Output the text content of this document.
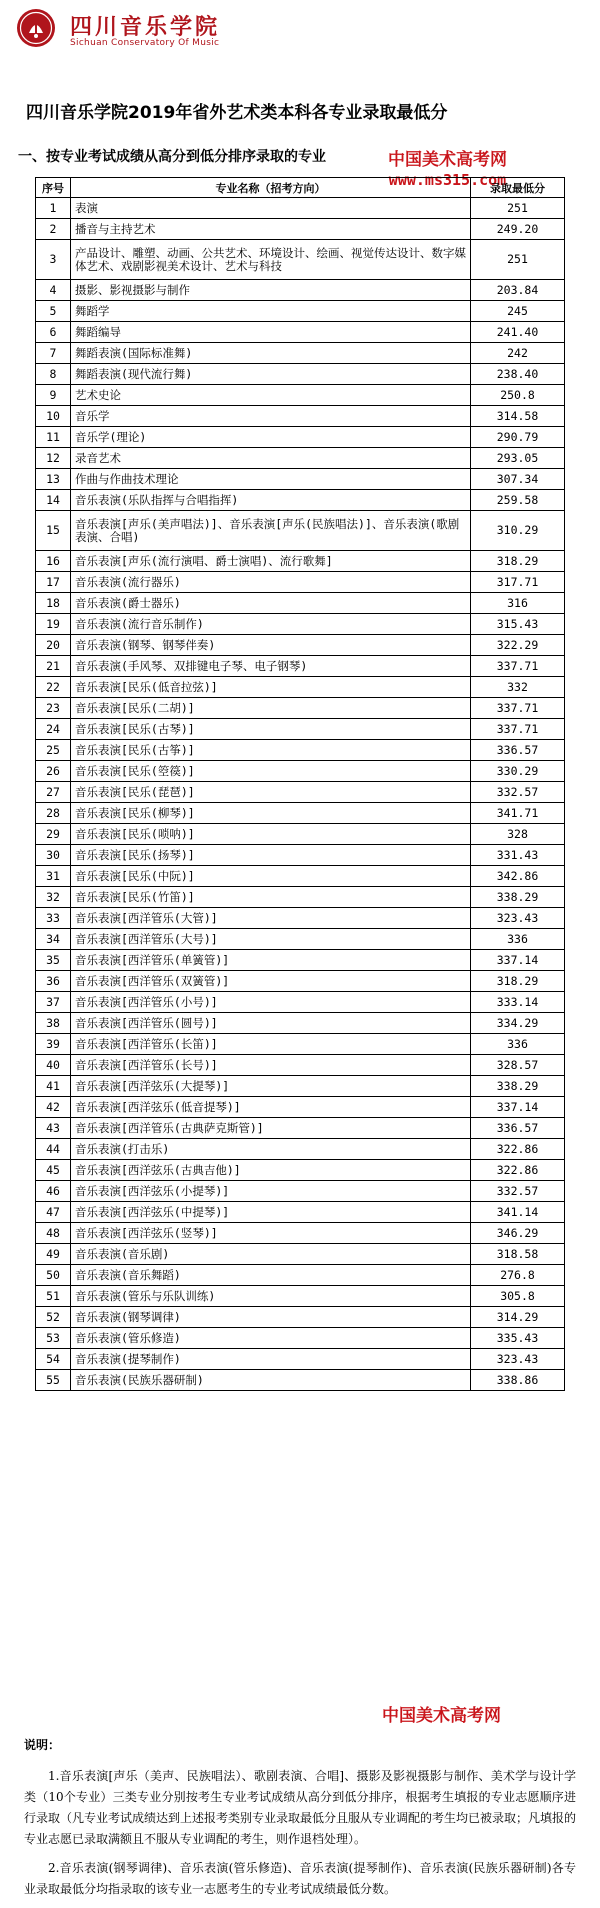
四川音乐学院
Sichuan Conservatory Of Music
四川音乐学院2019年省外艺术类本科各专业录取最低分
一、按专业考试成绩从高分到低分排序录取的专业	中国美术高考网
www.ms315.com
序号	专业名称（招考方向）	录取最低分
1	表演	251
2	播音与主持艺术	249.20
3	产品设计、雕塑、动画、公共艺术、环境设计、绘画、视觉传达设计、数字媒体艺术、戏剧影视美术设计、艺术与科技	251
4	摄影、影视摄影与制作	203.84
5	舞蹈学	245
6	舞蹈编导	241.40
7	舞蹈表演(国际标准舞)	242
8	舞蹈表演(现代流行舞)	238.40
9	艺术史论	250.8
10	音乐学	314.58
11	音乐学(理论)	290.79
12	录音艺术	293.05
13	作曲与作曲技术理论	307.34
14	音乐表演(乐队指挥与合唱指挥)	259.58
15	音乐表演[声乐(美声唱法)]、音乐表演[声乐(民族唱法)]、音乐表演(歌剧表演、合唱)	310.29
16	音乐表演[声乐(流行演唱、爵士演唱)、流行歌舞]	318.29
17	音乐表演(流行器乐)	317.71
18	音乐表演(爵士器乐)	316
19	音乐表演(流行音乐制作)	315.43
20	音乐表演(钢琴、钢琴伴奏)	322.29
21	音乐表演(手风琴、双排键电子琴、电子钢琴)	337.71
22	音乐表演[民乐(低音拉弦)]	332
23	音乐表演[民乐(二胡)]	337.71
24	音乐表演[民乐(古琴)]	337.71
25	音乐表演[民乐(古筝)]	336.57
26	音乐表演[民乐(箜篌)]	330.29
27	音乐表演[民乐(琵琶)]	332.57
28	音乐表演[民乐(柳琴)]	341.71
29	音乐表演[民乐(唢呐)]	328
30	音乐表演[民乐(扬琴)]	331.43
31	音乐表演[民乐(中阮)]	342.86
32	音乐表演[民乐(竹笛)]	338.29
33	音乐表演[西洋管乐(大管)]	323.43
34	音乐表演[西洋管乐(大号)]	336
35	音乐表演[西洋管乐(单簧管)]	337.14
36	音乐表演[西洋管乐(双簧管)]	318.29
37	音乐表演[西洋管乐(小号)]	333.14
38	音乐表演[西洋管乐(圆号)]	334.29
39	音乐表演[西洋管乐(长笛)]	336
40	音乐表演[西洋管乐(长号)]	328.57
41	音乐表演[西洋弦乐(大提琴)]	338.29
42	音乐表演[西洋弦乐(低音提琴)]	337.14
43	音乐表演[西洋管乐(古典萨克斯管)]	336.57
44	音乐表演(打击乐)	322.86
45	音乐表演[西洋弦乐(古典吉他)]	322.86
46	音乐表演[西洋弦乐(小提琴)]	332.57
47	音乐表演[西洋弦乐(中提琴)]	341.14
48	音乐表演[西洋弦乐(竖琴)]	346.29
49	音乐表演(音乐剧)	318.58
50	音乐表演(音乐舞蹈)	276.8
51	音乐表演(管乐与乐队训练)	305.8
52	音乐表演(钢琴调律)	314.29
53	音乐表演(管乐修造)	335.43
54	音乐表演(提琴制作)	323.43
55	音乐表演(民族乐器研制)	338.86
中国美术高考网
说明：

1.音乐表演[声乐（美声、民族唱法）、歌剧表演、合唱]、摄影及影视摄影与制作、美术学与设计学类（10个专业）三类专业分别按考生专业考试成绩从高分到低分排序，根据考生填报的专业志愿顺序进行录取（凡专业考试成绩达到上述报考类别专业录取最低分且服从专业调配的考生均已被录取；凡填报的专业志愿已录取满额且不服从专业调配的考生，则作退档处理）。

2.音乐表演(钢琴调律)、音乐表演(管乐修造)、音乐表演(提琴制作)、音乐表演(民族乐器研制)各专业录取最低分均指录取的该专业一志愿考生的专业考试成绩最低分数。
